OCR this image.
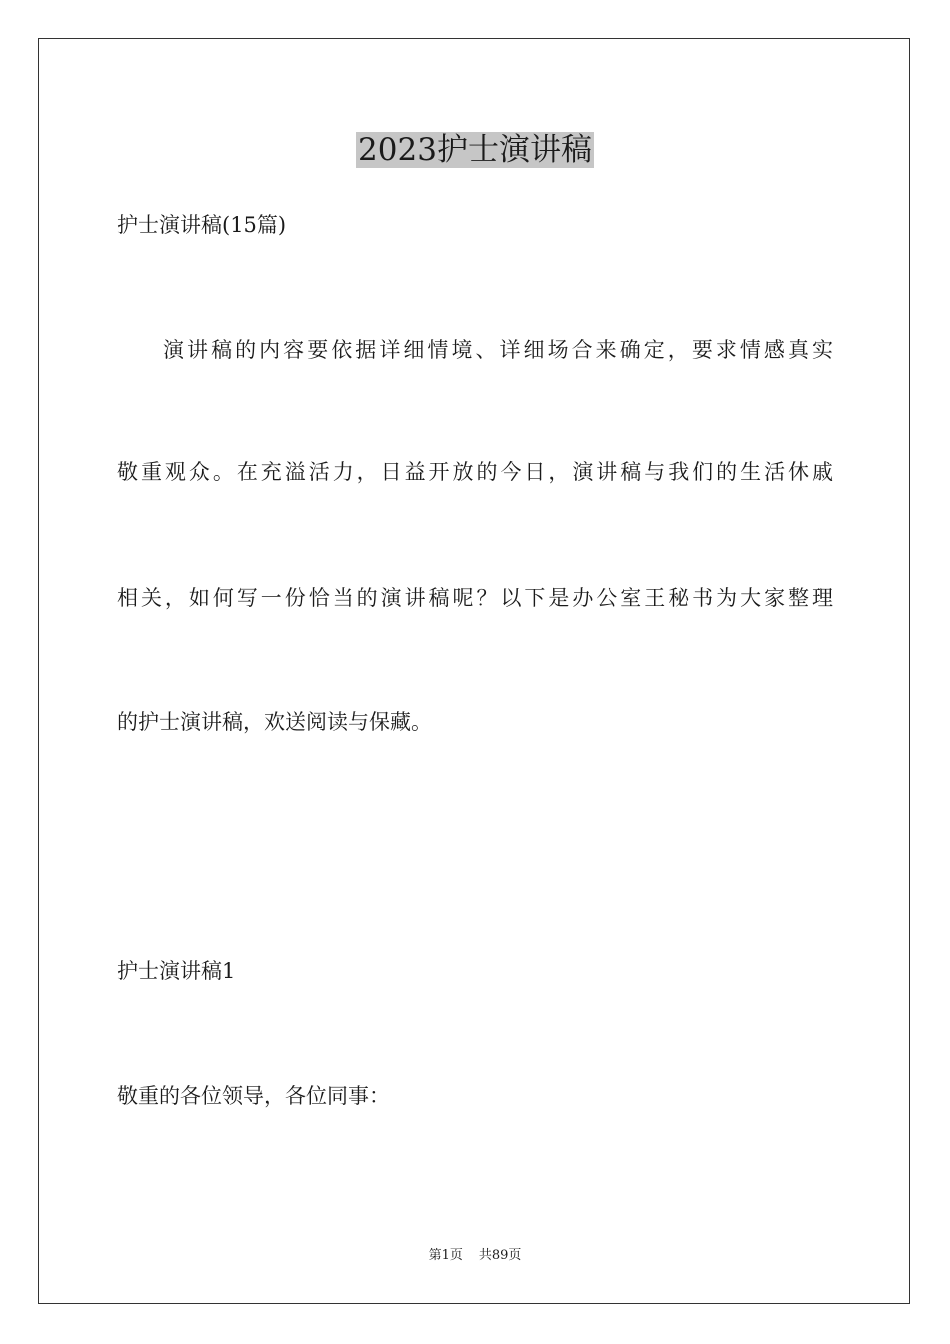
2023护士演讲稿
护士演讲稿(15篇)
演讲稿的内容要依据详细情境、详细场合来确定，要求情感真实
敬重观众。在充溢活力，日益开放的今日，演讲稿与我们的生活休戚
相关，如何写一份恰当的演讲稿呢？以下是办公室王秘书为大家整理
的护士演讲稿，欢送阅读与保藏。
护士演讲稿1
敬重的各位领导，各位同事：
第1页 共89页
